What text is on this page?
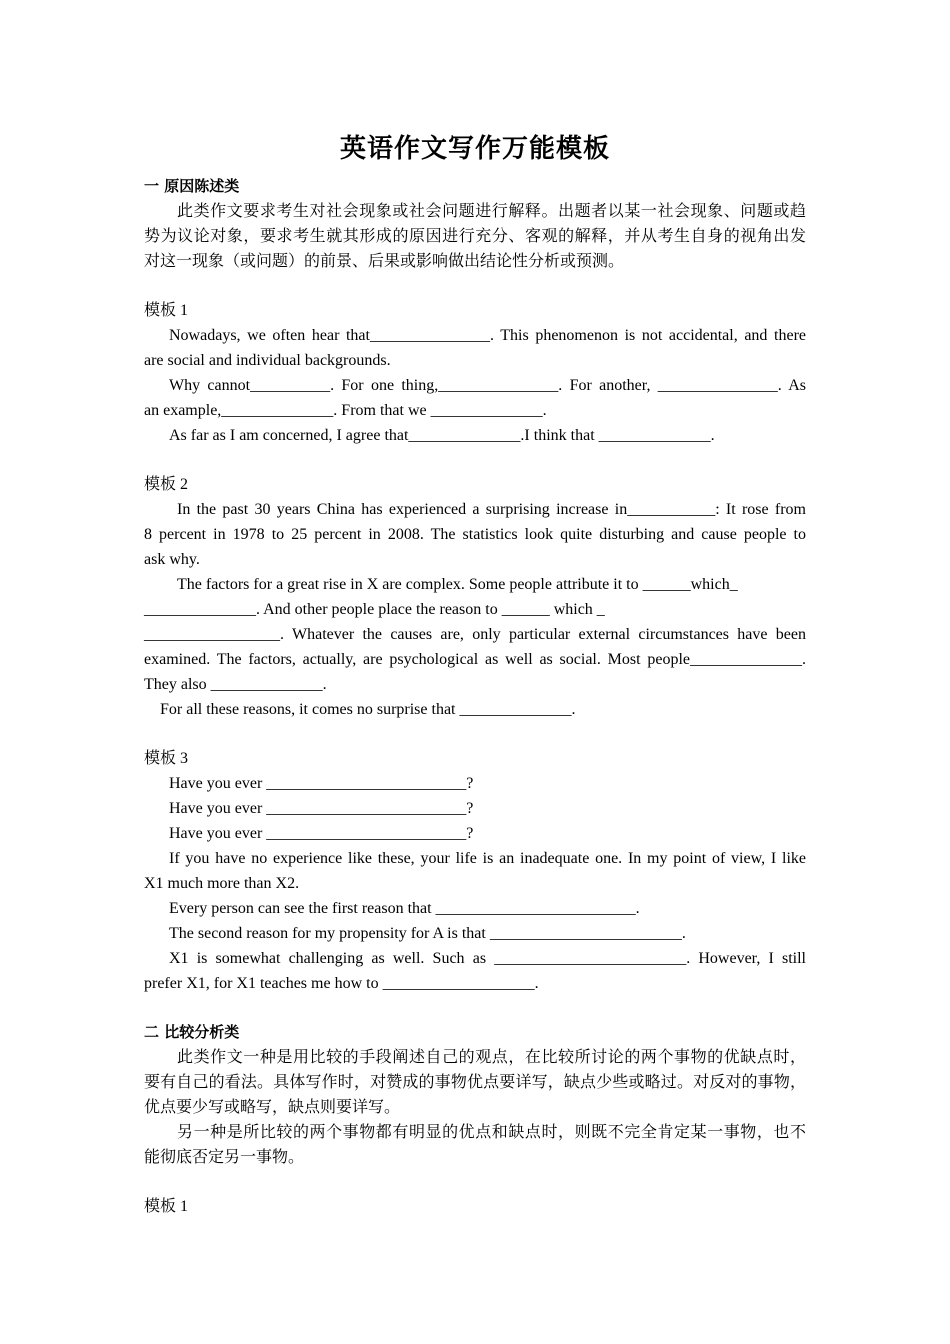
英语作文写作万能模板
一 原因陈述类
此类作文要求考生对社会现象或社会问题进行解释。出题者以某一社会现象、问题或趋
势为议论对象，要求考生就其形成的原因进行充分、客观的解释，并从考生自身的视角出发
对这一现象（或问题）的前景、后果或影响做出结论性分析或预测。
模板 1
Nowadays, we often hear that_______________. This phenomenon is not accidental, and there
are social and individual backgrounds.
Why cannot__________. For one thing,_______________. For another, _______________. As
an example,______________. From that we ______________.
As far as I am concerned, I agree that______________.I think that ______________.
模板 2
In the past 30 years China has experienced a surprising increase in___________: It rose from
8 percent in 1978 to 25 percent in 2008. The statistics look quite disturbing and cause people to
ask why.
The factors for a great rise in X are complex. Some people attribute it to ______which_
______________. And other people place the reason to ______ which _
_________________. Whatever the causes are, only particular external circumstances have been
examined. The factors, actually, are psychological as well as social. Most people______________.
They also ______________.
For all these reasons, it comes no surprise that ______________.
模板 3
Have you ever _________________________?
Have you ever _________________________?
Have you ever _________________________?
If you have no experience like these, your life is an inadequate one. In my point of view, I like
X1 much more than X2.
Every person can see the first reason that _________________________.
The second reason for my propensity for A is that ________________________.
X1 is somewhat challenging as well. Such as ________________________. However, I still
prefer X1, for X1 teaches me how to ___________________.
二 比较分析类
此类作文一种是用比较的手段阐述自己的观点，在比较所讨论的两个事物的优缺点时，
要有自己的看法。具体写作时，对赞成的事物优点要详写，缺点少些或略过。对反对的事物，
优点要少写或略写，缺点则要详写。
另一种是所比较的两个事物都有明显的优点和缺点时，则既不完全肯定某一事物，也不
能彻底否定另一事物。
模板 1
